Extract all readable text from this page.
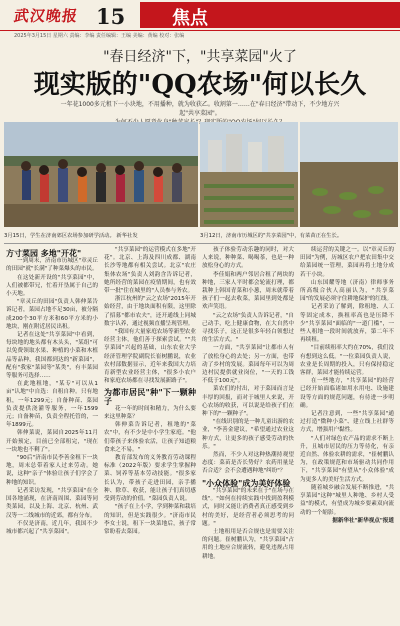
武汉晚报 15	焦点
2025年3月15日 星期六 责编：李编 责任编辑：王编 美编：黄编 校对：张编
"春日经济"下，"共享菜园"火了
现实版的"QQ农场"何以长久
一年花1000多元租下一小块地，不用播种，就为收获乙。收割第一……在"春日经济"带动下，不少地方兴起"共享菜园"。
3月15日，学生在济南郊区农场参加研学活动。 新华社发	3月12日，济南市历城区的"共享菜园"中，有菜苗正在生长。

方寸菜园 多地"开花"

一到周末，济南市历城区"章灵丘的田园"就"长满"了种菜爆头的市民。

在这处新开设的"共享菜园"中，人们被都带兄，忙着开垦属于自己的小天地。

"章灵丘的田园"负责人韩伸菜告诉记者，菜园占地不足30亩，被分隔成200个30平方米和60平方米的小地块，刚在附近居民出租。

记者在这处"共享菜园"中看到，每块地的地头都有木头头，"某组"可以免费领取水果、种植的小菜和木植品等品种，我国都到达的"新菜园"，配有"我家"菜园等"某类"，有丰菜园等服务可选择……

在此地租地，"某专"可以从1亩"认地"中自选：自租自种。只有地租，一年1299元；自备种苗、菜园负责提供浇灌等服务，一年1599元；自备种苗，负责全程托管的，一年1899元。

韩伸菜说，菜园自2025年11月开始预定，目前已全部租完，"现在一块地也不剩了"。

"90后"济南市民李善金租下一块地，周末总带着家人过来劳动。她说，这种"亲子"体验让孩子们学会了种地的知识。

记者采访发现，"共享菜园"在全国各地涌现，在济南周围、菜园等同类菜园，以及上海、北京、杭州、武汉等一二线城市的近郊，都有分布。

不仅是济南，近几年，我国不少城市都兴起了"共享菜园"。

"共享菜园"的运营模式在多地"开花"。北京、上海及四川成都、湖南长沙等地都有相关尝试。北京"农庄集体农场"负责人刘韵含告诉记者，她所经营的菜园在疫情期间，也有效带一批"住在城里的"人员参与务农。

浙江杭州的"云之农场"2015年开始经营，由于地块面积有限，这里除了招募"都市农夫"，还开通线上同城数字认养，通过视频直播呈现管理。

"我国有大量家庭农场等新型农业经营主体，他们善于探索尝试。""共享菜园"兴起的基础，山东农业大学经济管理学院副院长崔树鹏说，农业农村部数据显示，近年来我国大力培育新型农业经营主体，"很多小农户和家庭农场都在寻找发展新路子"。

为都市居民"种"下一颗种子

花一年的时间和精力，为什么要来这里种菜？

韩伸菜告诉记者，租地的"菜农"中，有不少是中小学生家庭。"他们带孩子来体验农活，让孩子知道粮食来之不易。"

教育部发布的义务教育劳动课程标准（2022年版）要求学生掌握种菜、饲养等基本劳动技能。"很多家长认为，带孩子走进田园，亲手播种、除草、收获，能让孩子们真切感受到劳动的价值。"菜园负责人说。

"孩子在上小学，学到种菜和栽培的知识，但是实践很少。"济南市民李女士说，租下一块菜地后，孩子常常盼着去菜园。

孩子体验劳动乐趣的同时，对大人来说，种种菜、喝喝茶，也是一种放松身心的方式。

李佳娟和两户邻居合租了两块的种地，三家人平时都会轮流打理，都栽种上韩国青菜和小葱，周末就带着孩子们一起去收菜，菜园里到处都是欢声笑语。

"云之农场"负责人告诉记者，"自己动手，吃上健康食物，在大自然中寻找乐子，这正是很多年轻白领想过的生活方式。"

一方面，"共享菜园"让都市人有了放松身心的去处；另一方面，也带动了乡村的发展。菜园每年可以为周边村民提供就业岗位，"一天的工钱不低于100元"。

菜农们的付出，对于菜园而言是丰厚的回报，而对于城里人来说，开心农场的收获，可以说是给孩子们在种下的"一颗种子"。

"在线识别的是一种儿童出游的农业，"李善金建议，"希望通过农业这种方式，让更多的孩子感受劳动的快乐。"

然而，不少人对这种热潮持观望态度：菜苗是否长势好？农药用量是否合适？会不会遭遇种地"纠纷"？

"小众体验"成为美好体验

"共享菜园"的未来在于"在场与在线"。"如何在持续实践中找到盈利模式，同时又能让消费者真正感受到乡村的美好，是经营者必须思考的问题。"

土地租用是否合规也是需要关注的问题。崔树鹏认为，"共享菜园"占用的土地应合规流转，避免违规占用耕地。

续运营的关键之一。以"章灵丘的田园"为例，历城区农户把农田集中交给菜园统一管理，菜园再将土地分成若干小块。

山东国耀等地（济南）律师事务所高级合伙人高丽认为，"共享菜园"的发展必须守住耕地保护的红线。

记者采访了解到，除租地、人工等固定成本，换租率高也是压降不少"共享菜园"面临的"一道门槛"，一些人租地一段时间就放弃，第二年不再续租。

"目前续租率大约在70%，我们没有想到这么低。"一位菜园负责人说，农业是长周期的投入，只有保持稳定客群，菜园才能持续运营。

在一些地方，"共享菜园"的经营已经开始面临诸如用水用电、设施建设等方面的规范问题，有待进一步明确。

记者注意到，一些"共享菜园"通过打造"微种小菜"、建立线上社群等方式，增强用户黏性。

"人们对绿色农产品的需求不断上升，且城市居民的压力等待化，有亲近自然、体验农耕的需求，"崔树鹏认为，在政策规范和市场驱动共同作用下，"共享菜园"有望从"小众体验"成为更多人的美好生活方式。

随着城乡融合发展不断推进，"共享菜园"这种"城里人种地、乡村人受益"的模式，有望成为城乡要素双向流动的一个缩影。

据新华社"新华视点"报道
